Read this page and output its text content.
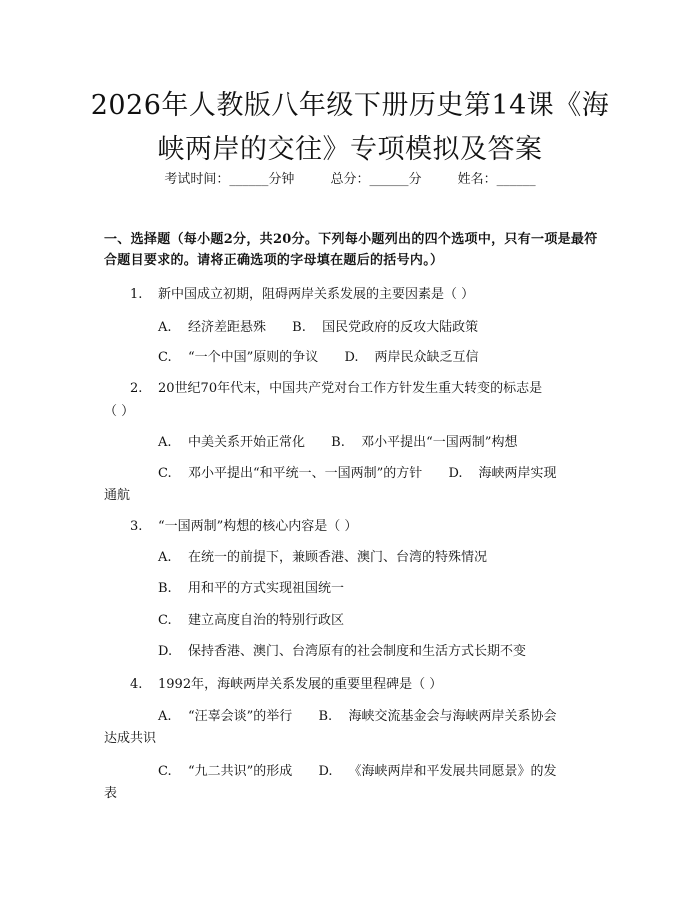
2026年人教版八年级下册历史第14课《海
峡两岸的交往》专项模拟及答案
考试时间：______分钟	总分：______分	姓名：______
一、选择题（每小题2分，共20分。下列每小题列出的四个选项中，只有一项是最符合题目要求的。请将正确选项的字母填在题后的括号内。）
1. 新中国成立初期，阻碍两岸关系发展的主要因素是（ ）
A. 经济差距悬殊 B. 国民党政府的反攻大陆政策
C. “一个中国”原则的争议 D. 两岸民众缺乏互信
2. 20世纪70年代末，中国共产党对台工作方针发生重大转变的标志是
（ ）
A. 中美关系开始正常化 B. 邓小平提出“一国两制”构想
C. 邓小平提出“和平统一、一国两制”的方针 D. 海峡两岸实现
通航
3. “一国两制”构想的核心内容是（ ）
A. 在统一的前提下，兼顾香港、澳门、台湾的特殊情况
B. 用和平的方式实现祖国统一
C. 建立高度自治的特别行政区
D. 保持香港、澳门、台湾原有的社会制度和生活方式长期不变
4. 1992年，海峡两岸关系发展的重要里程碑是（ ）
A. “汪辜会谈”的举行 B. 海峡交流基金会与海峡两岸关系协会
达成共识
C. “九二共识”的形成 D. 《海峡两岸和平发展共同愿景》的发
表
